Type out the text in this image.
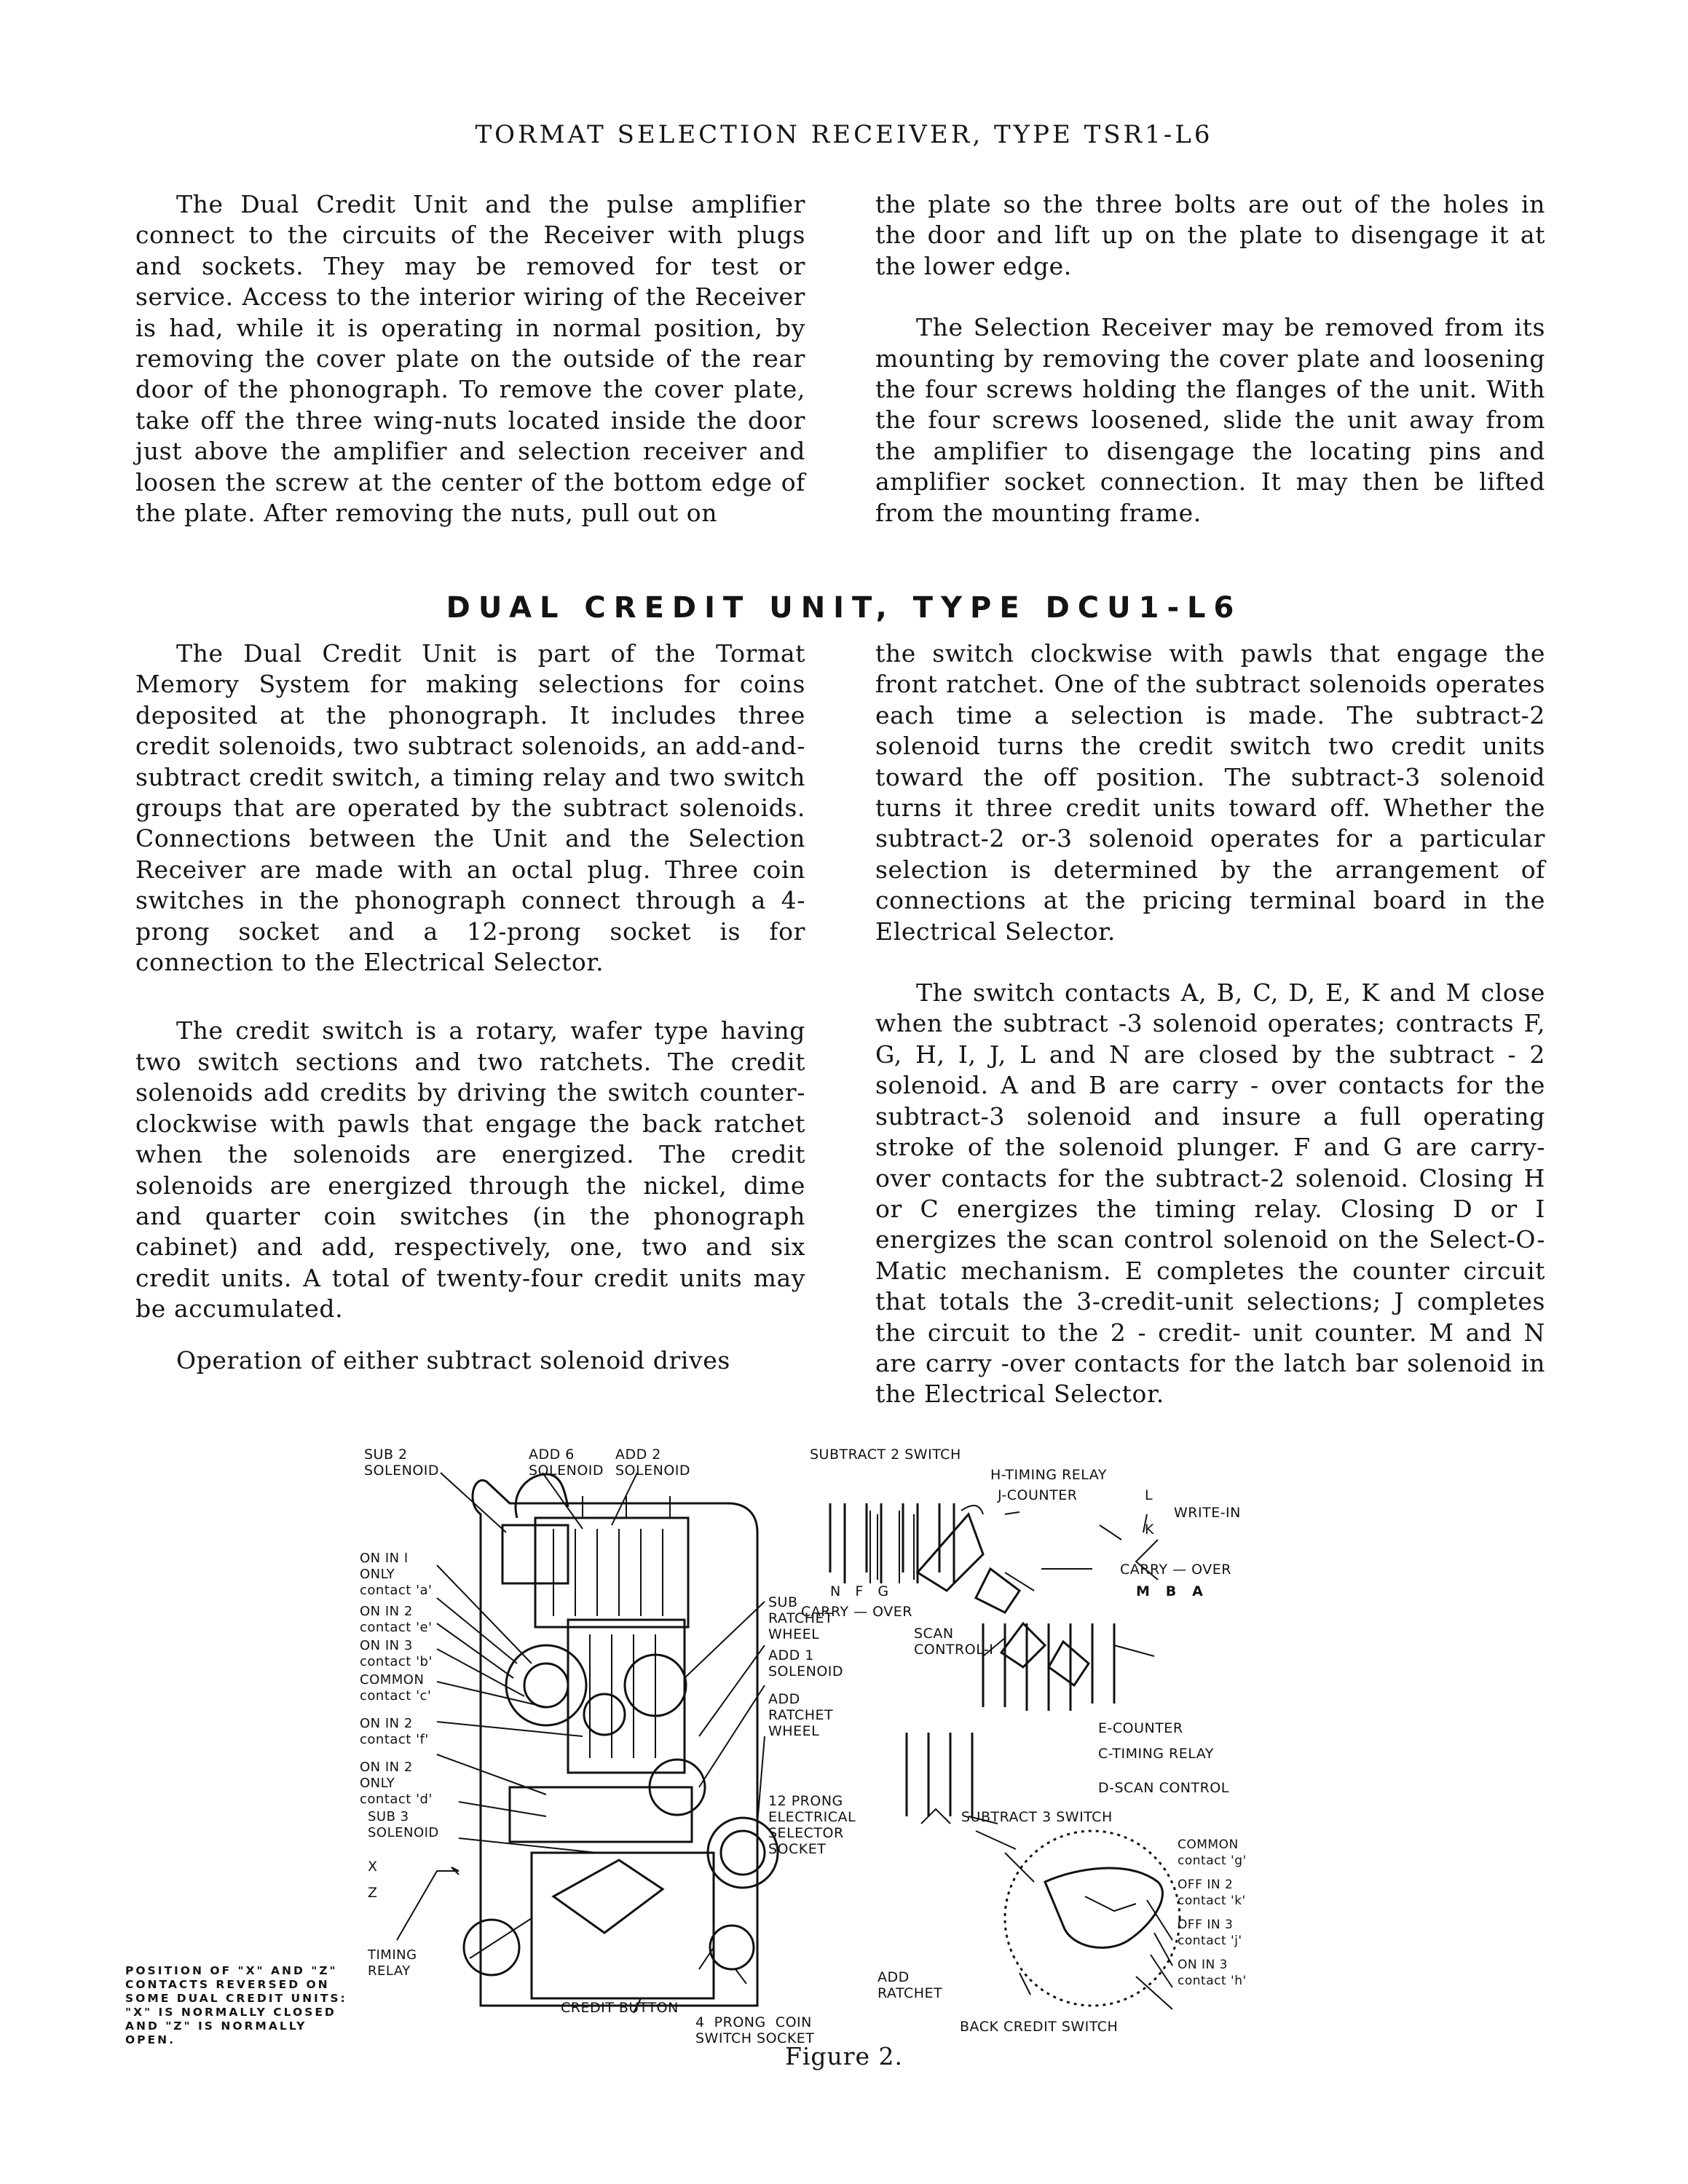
TORMAT SELECTION RECEIVER, TYPE TSR1-L6

The Dual Credit Unit and the pulse amplifier connect to the circuits of the Receiver with plugs and sockets. They may be removed for test or service. Access to the interior wiring of the Receiver is had, while it is operating in normal position, by removing the cover plate on the outside of the rear door of the phonograph. To remove the cover plate, take off the three wing-nuts located inside the door just above the amplifier and selection receiver and loosen the screw at the center of the bottom edge of the plate. After removing the nuts, pull out on

the plate so the three bolts are out of the holes in the door and lift up on the plate to disengage it at the lower edge.

The Selection Receiver may be removed from its mounting by removing the cover plate and loosening the four screws holding the flanges of the unit. With the four screws loosened, slide the unit away from the amplifier to disengage the locating pins and amplifier socket connection. It may then be lifted from the mounting frame.

DUAL CREDIT UNIT, TYPE DCU1-L6

The Dual Credit Unit is part of the Tormat Memory System for making selections for coins deposited at the phonograph. It includes three credit solenoids, two subtract solenoids, an add-and-subtract credit switch, a timing relay and two switch groups that are operated by the subtract solenoids. Connections between the Unit and the Selection Receiver are made with an octal plug. Three coin switches in the phonograph connect through a 4-prong socket and a 12-prong socket is for connection to the Electrical Selector.

The credit switch is a rotary, wafer type having two switch sections and two ratchets. The credit solenoids add credits by driving the switch counter-clockwise with pawls that engage the back ratchet when the solenoids are energized. The credit solenoids are energized through the nickel, dime and quarter coin switches (in the phonograph cabinet) and add, respectively, one, two and six credit units. A total of twenty-four credit units may be accumulated.

Operation of either subtract solenoid drives

the switch clockwise with pawls that engage the front ratchet. One of the subtract solenoids operates each time a selection is made. The subtract-2 solenoid turns the credit switch two credit units toward the off position. The subtract-3 solenoid turns it three credit units toward off. Whether the subtract-2 or-3 solenoid operates for a particular selection is determined by the arrangement of connections at the pricing terminal board in the Electrical Selector.

The switch contacts A, B, C, D, E, K and M close when the subtract -3 solenoid operates; contracts F, G, H, I, J, L and N are closed by the subtract - 2 solenoid. A and B are carry - over contacts for the subtract-3 solenoid and insure a full operating stroke of the solenoid plunger. F and G are carry-over contacts for the subtract-2 solenoid. Closing H or C energizes the timing relay. Closing D or I energizes the scan control solenoid on the Select-O-Matic mechanism. E completes the counter circuit that totals the 3-credit-unit selections; J completes the circuit to the 2 - credit- unit counter. M and N are carry -over contacts for the latch bar solenoid in the Electrical Selector.

SUB 2
SOLENOID
ADD 6
SOLENOID
ADD 2
SOLENOID
ON IN I
ONLY
contact 'a'
ON IN 2
contact 'e'
ON IN 3
contact 'b'
COMMON
contact 'c'
ON IN 2
contact 'f'
ON IN 2
ONLY
contact 'd'
SUB 3
SOLENOID
X
Z
TIMING
RELAY
SUB
RATCHET
WHEEL
ADD 1
SOLENOID
ADD
RATCHET
WHEEL
12 PRONG
ELECTRICAL
SELECTOR
SOCKET
CREDIT BUTTON
4  PRONG  COIN
SWITCH SOCKET
SUBTRACT 2 SWITCH
H-TIMING RELAY
J-COUNTER	L
K
WRITE-IN
N   F   G
CARRY — OVER
SCAN
CONTROL-I
CARRY — OVER
M   B   A
E-COUNTER
C-TIMING RELAY
D-SCAN CONTROL
SUBTRACT 3 SWITCH
COMMON
contact 'g'
OFF IN 2
contact 'k'
OFF IN 3
contact 'j'
ON IN 3
contact 'h'
ADD
RATCHET
BACK CREDIT SWITCH
POSITION OF "X" AND "Z"
CONTACTS REVERSED ON
SOME DUAL CREDIT UNITS:
"X" IS NORMALLY CLOSED
AND "Z" IS NORMALLY
OPEN.
Figure 2.
